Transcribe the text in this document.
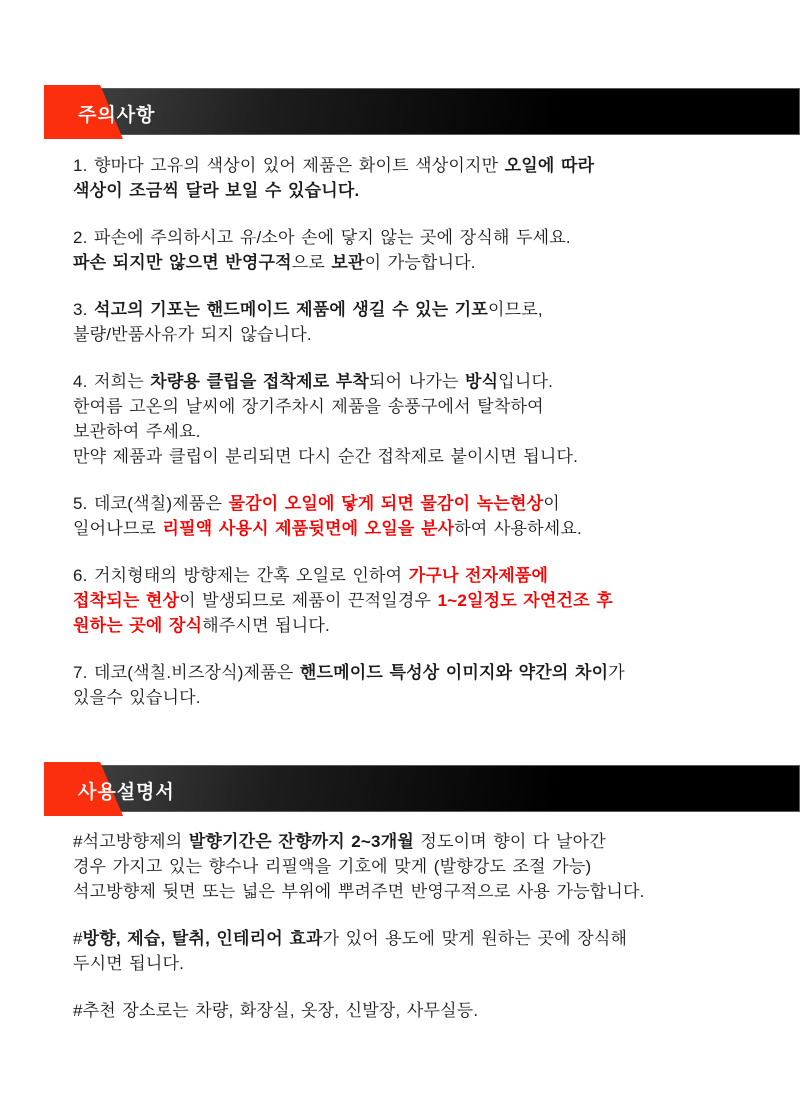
주의사항
1. 향마다 고유의 색상이 있어 제품은 화이트 색상이지만 오일에 따라
색상이 조금씩 달라 보일 수 있습니다.
2. 파손에 주의하시고 유/소아 손에 닿지 않는 곳에 장식해 두세요.
파손 되지만 않으면 반영구적으로 보관이 가능합니다.
3. 석고의 기포는 핸드메이드 제품에 생길 수 있는 기포이므로,
불량/반품사유가 되지 않습니다.
4. 저희는 차량용 클립을 접착제로 부착되어 나가는 방식입니다.
한여름 고온의 날씨에 장기주차시 제품을 송풍구에서 탈착하여
보관하여 주세요.
만약 제품과 클립이 분리되면 다시 순간 접착제로 붙이시면 됩니다.
5. 데코(색칠)제품은 물감이 오일에 닿게 되면 물감이 녹는현상이
일어나므로 리필액 사용시 제품뒷면에 오일을 분사하여 사용하세요.
6. 거치형태의 방향제는 간혹 오일로 인하여 가구나 전자제품에
접착되는 현상이 발생되므로 제품이 끈적일경우 1~2일정도 자연건조 후
원하는 곳에 장식해주시면 됩니다.
7. 데코(색칠.비즈장식)제품은 핸드메이드 특성상 이미지와 약간의 차이가
있을수 있습니다.
사용설명서
#석고방향제의 발향기간은 잔향까지 2~3개월 정도이며 향이 다 날아간
경우 가지고 있는 향수나 리필액을 기호에 맞게 (발향강도 조절 가능)
석고방향제 뒷면 또는 넓은 부위에 뿌려주면 반영구적으로 사용 가능합니다.
#방향, 제습, 탈취, 인테리어 효과가 있어 용도에 맞게 원하는 곳에 장식해
두시면 됩니다.
#추천 장소로는 차량, 화장실, 옷장, 신발장, 사무실등.
